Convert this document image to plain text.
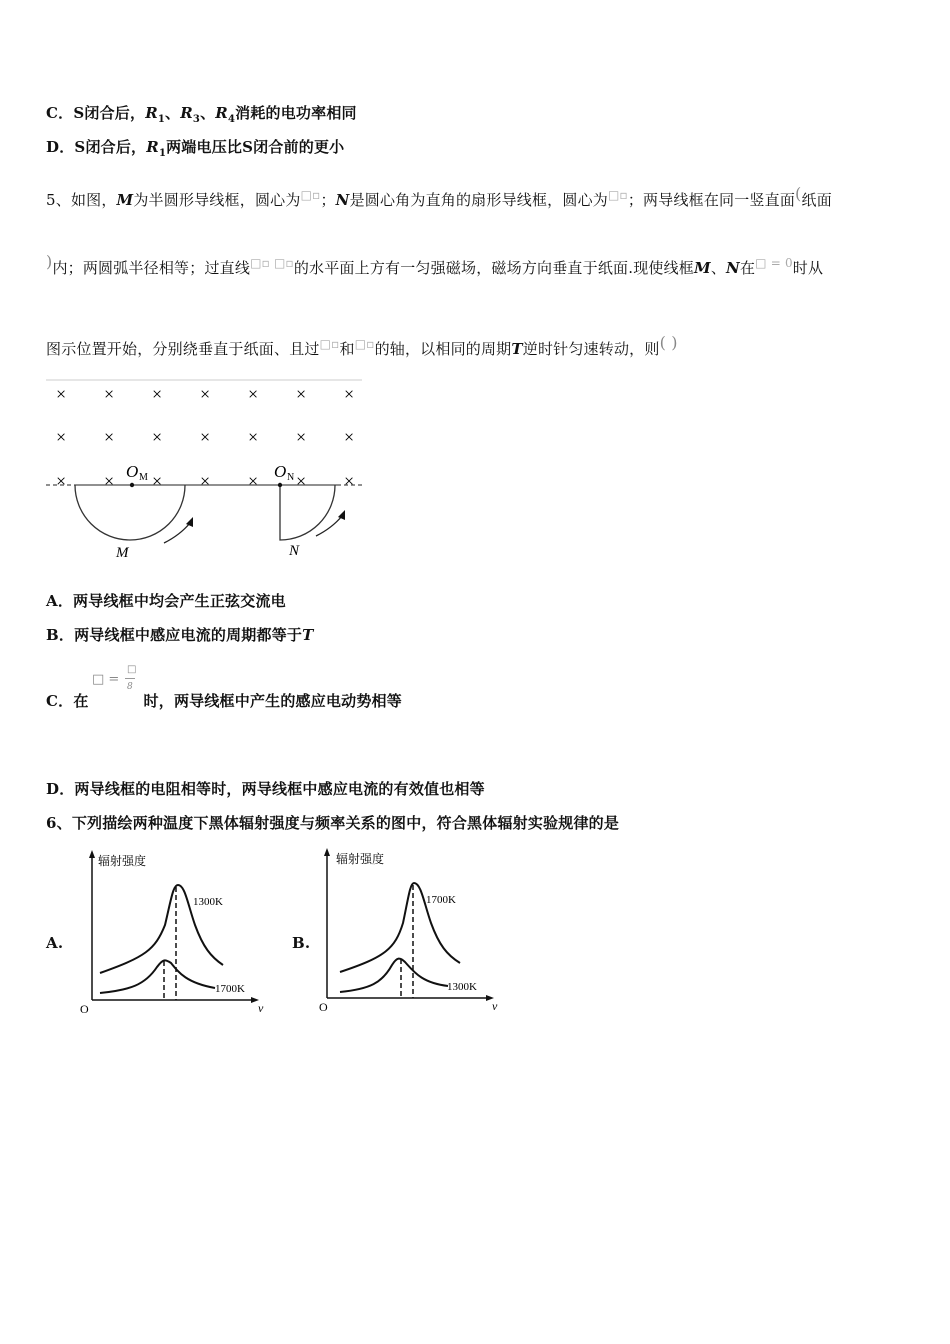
C．S闭合后，$R_1$、$R_3$、$R_4$消耗的电功率相同
D．S闭合后，$R_1$两端电压比S闭合前的更小
5、如图，M为半圆形导线框，圆心为□▫；N是圆心角为直角的扇形导线框，圆心为□▫；两导线框在同一竖直面(纸面
)内；两圆弧半径相等；过直线□▫ □▫的水平面上方有一匀强磁场，磁场方向垂直于纸面.现使线框M、N在$^{□ = 0}$时从
图示位置开始，分别绕垂直于纸面、且过□▫和□▫的轴，以相同的周期T逆时针匀速转动，则( )
× × × × × × ×
× × × × × × ×
× × × × × × ×
O M	O N
M	N
A．两导线框中均会产生正弦交流电
B．两导线框中感应电流的周期都等于T
C．在	时，两导线框中产生的感应电动势相等
□ =
□
8
D．两导线框的电阻相等时，两导线框中感应电流的有效值也相等
6、下列描绘两种温度下黑体辐射强度与频率关系的图中，符合黑体辐射实验规律的是
A.	B.
辐射强度
O	ν
1300K
1700K
辐射强度
O	ν
1700K
1300K
